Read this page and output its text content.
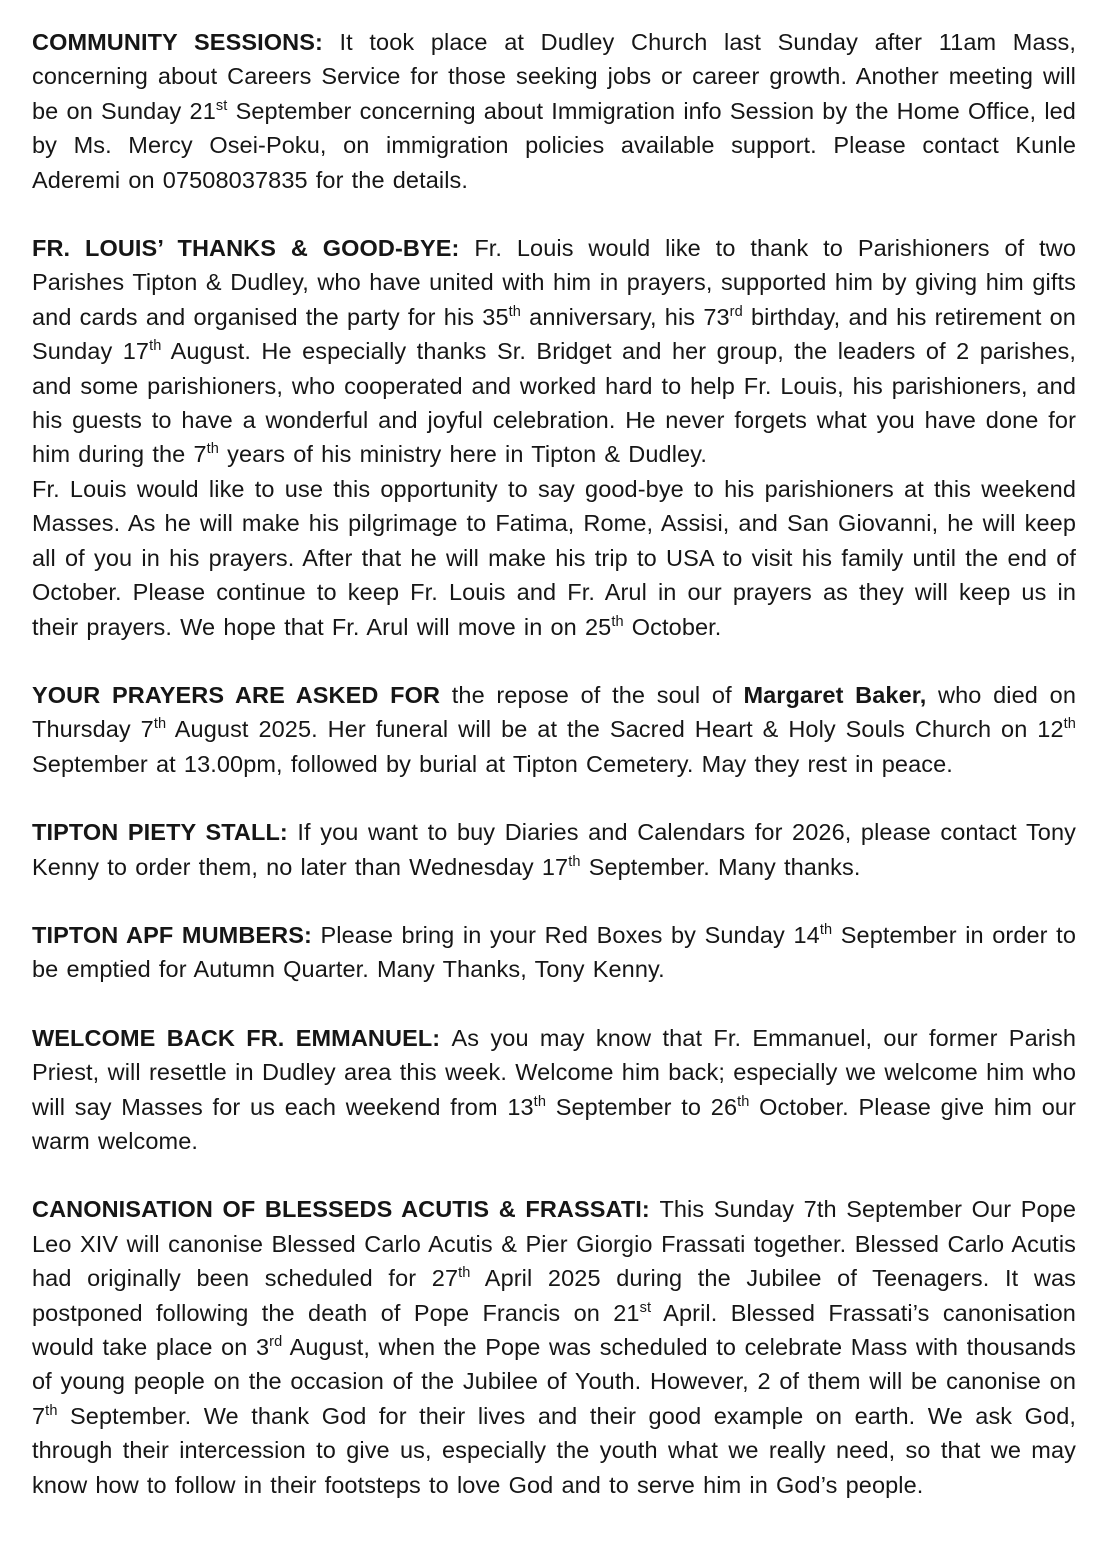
COMMUNITY SESSIONS: It took place at Dudley Church last Sunday after 11am Mass, concerning about Careers Service for those seeking jobs or career growth. Another meeting will be on Sunday 21st September concerning about Immigration info Session by the Home Office, led by Ms. Mercy Osei-Poku, on immigration policies available support. Please contact Kunle Aderemi on 07508037835 for the details.
FR. LOUIS’ THANKS & GOOD-BYE: Fr. Louis would like to thank to Parishioners of two Parishes Tipton & Dudley, who have united with him in prayers, supported him by giving him gifts and cards and organised the party for his 35th anniversary, his 73rd birthday, and his retirement on Sunday 17th August. He especially thanks Sr. Bridget and her group, the leaders of 2 parishes, and some parishioners, who cooperated and worked hard to help Fr. Louis, his parishioners, and his guests to have a wonderful and joyful celebration. He never forgets what you have done for him during the 7th years of his ministry here in Tipton & Dudley.
Fr. Louis would like to use this opportunity to say good-bye to his parishioners at this weekend Masses. As he will make his pilgrimage to Fatima, Rome, Assisi, and San Giovanni, he will keep all of you in his prayers. After that he will make his trip to USA to visit his family until the end of October. Please continue to keep Fr. Louis and Fr. Arul in our prayers as they will keep us in their prayers. We hope that Fr. Arul will move in on 25th October.
YOUR PRAYERS ARE ASKED FOR the repose of the soul of Margaret Baker, who died on Thursday 7th August 2025. Her funeral will be at the Sacred Heart & Holy Souls Church on 12th September at 13.00pm, followed by burial at Tipton Cemetery. May they rest in peace.
TIPTON PIETY STALL: If you want to buy Diaries and Calendars for 2026, please contact Tony Kenny to order them, no later than Wednesday 17th September. Many thanks.
TIPTON APF MUMBERS: Please bring in your Red Boxes by Sunday 14th September in order to be emptied for Autumn Quarter. Many Thanks, Tony Kenny.
WELCOME BACK FR. EMMANUEL: As you may know that Fr. Emmanuel, our former Parish Priest, will resettle in Dudley area this week. Welcome him back; especially we welcome him who will say Masses for us each weekend from 13th September to 26th October. Please give him our warm welcome.
CANONISATION OF BLESSEDS ACUTIS & FRASSATI: This Sunday 7th September Our Pope Leo XIV will canonise Blessed Carlo Acutis & Pier Giorgio Frassati together. Blessed Carlo Acutis had originally been scheduled for 27th April 2025 during the Jubilee of Teenagers. It was postponed following the death of Pope Francis on 21st April. Blessed Frassati’s canonisation would take place on 3rd August, when the Pope was scheduled to celebrate Mass with thousands of young people on the occasion of the Jubilee of Youth. However, 2 of them will be canonise on 7th September. We thank God for their lives and their good example on earth. We ask God, through their intercession to give us, especially the youth what we really need, so that we may know how to follow in their footsteps to love God and to serve him in God’s people.
